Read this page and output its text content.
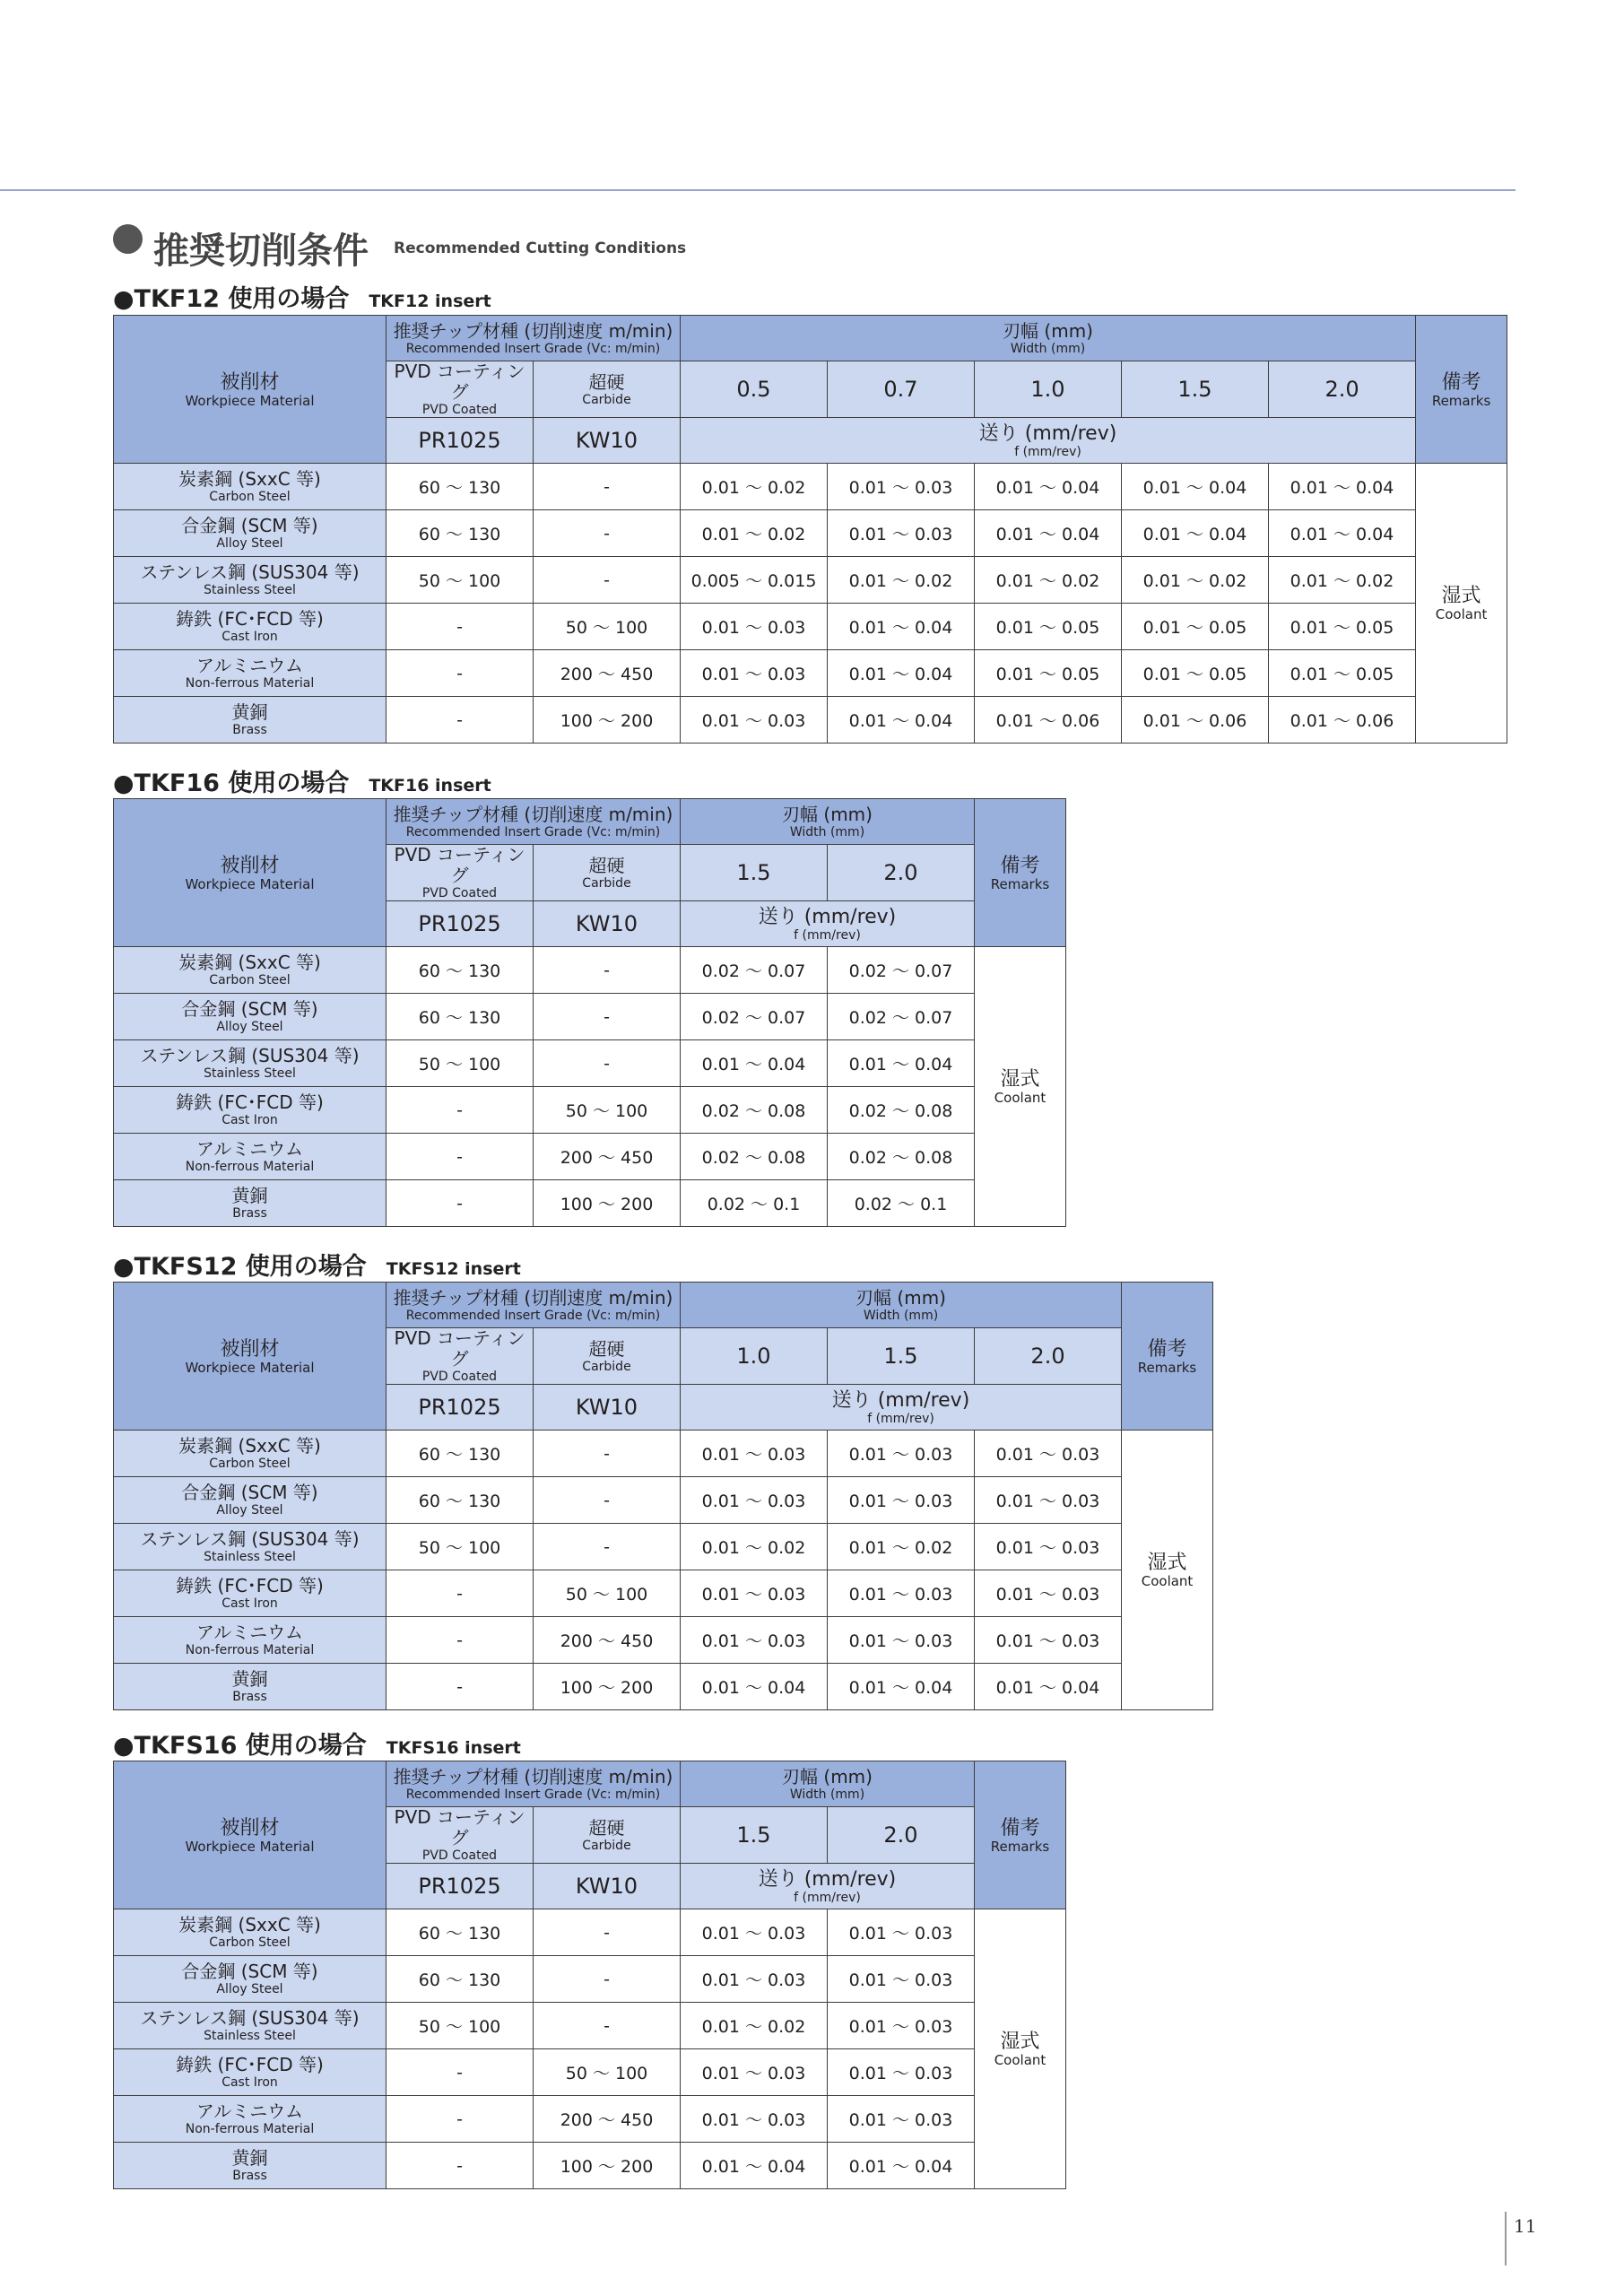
推奨切削条件 Recommended Cutting Conditions
●TKF12 使用の場合 TKF12 insert
被削材
Workpiece Material	推奨チップ材種 (切削速度 m/min)
Recommended Insert Grade (Vc: m/min)		刃幅 (mm)
Width (mm)					備考
Remarks

	PVD コーティング
PVD Coated	超硬
Carbide	0.5	0.7	1.0	1.5	2.0	
	PR1025	KW10	送り (mm/rev)
f (mm/rev)					

炭素鋼 (SxxC 等)
Carbon Steel	60 ～ 130	-	0.01 ～ 0.02	0.01 ～ 0.03	0.01 ～ 0.04	0.01 ～ 0.04	0.01 ～ 0.04	湿式
Coolant

合金鋼 (SCM 等)
Alloy Steel	60 ～ 130	-	0.01 ～ 0.02	0.01 ～ 0.03	0.01 ～ 0.04	0.01 ～ 0.04	0.01 ～ 0.04	

ステンレス鋼 (SUS304 等)
Stainless Steel	50 ～ 100	-	0.005 ～ 0.015	0.01 ～ 0.02	0.01 ～ 0.02	0.01 ～ 0.02	0.01 ～ 0.02	

鋳鉄 (FC･FCD 等)
Cast Iron	-	50 ～ 100	0.01 ～ 0.03	0.01 ～ 0.04	0.01 ～ 0.05	0.01 ～ 0.05	0.01 ～ 0.05	

アルミニウム
Non-ferrous Material	-	200 ～ 450	0.01 ～ 0.03	0.01 ～ 0.04	0.01 ～ 0.05	0.01 ～ 0.05	0.01 ～ 0.05	

黄銅
Brass	-	100 ～ 200	0.01 ～ 0.03	0.01 ～ 0.04	0.01 ～ 0.06	0.01 ～ 0.06	0.01 ～ 0.06	
●TKF16 使用の場合 TKF16 insert
被削材
Workpiece Material	推奨チップ材種 (切削速度 m/min)
Recommended Insert Grade (Vc: m/min)		刃幅 (mm)
Width (mm)		備考
Remarks

	PVD コーティング
PVD Coated	超硬
Carbide	1.5	2.0	
	PR1025	KW10	送り (mm/rev)
f (mm/rev)		

炭素鋼 (SxxC 等)
Carbon Steel	60 ～ 130	-	0.02 ～ 0.07	0.02 ～ 0.07	湿式
Coolant

合金鋼 (SCM 等)
Alloy Steel	60 ～ 130	-	0.02 ～ 0.07	0.02 ～ 0.07	

ステンレス鋼 (SUS304 等)
Stainless Steel	50 ～ 100	-	0.01 ～ 0.04	0.01 ～ 0.04	

鋳鉄 (FC･FCD 等)
Cast Iron	-	50 ～ 100	0.02 ～ 0.08	0.02 ～ 0.08	

アルミニウム
Non-ferrous Material	-	200 ～ 450	0.02 ～ 0.08	0.02 ～ 0.08	

黄銅
Brass	-	100 ～ 200	0.02 ～ 0.1	0.02 ～ 0.1	
●TKFS12 使用の場合 TKFS12 insert
被削材
Workpiece Material	推奨チップ材種 (切削速度 m/min)
Recommended Insert Grade (Vc: m/min)		刃幅 (mm)
Width (mm)			備考
Remarks

	PVD コーティング
PVD Coated	超硬
Carbide	1.0	1.5	2.0	
	PR1025	KW10	送り (mm/rev)
f (mm/rev)			

炭素鋼 (SxxC 等)
Carbon Steel	60 ～ 130	-	0.01 ～ 0.03	0.01 ～ 0.03	0.01 ～ 0.03	湿式
Coolant

合金鋼 (SCM 等)
Alloy Steel	60 ～ 130	-	0.01 ～ 0.03	0.01 ～ 0.03	0.01 ～ 0.03	

ステンレス鋼 (SUS304 等)
Stainless Steel	50 ～ 100	-	0.01 ～ 0.02	0.01 ～ 0.02	0.01 ～ 0.03	

鋳鉄 (FC･FCD 等)
Cast Iron	-	50 ～ 100	0.01 ～ 0.03	0.01 ～ 0.03	0.01 ～ 0.03	

アルミニウム
Non-ferrous Material	-	200 ～ 450	0.01 ～ 0.03	0.01 ～ 0.03	0.01 ～ 0.03	

黄銅
Brass	-	100 ～ 200	0.01 ～ 0.04	0.01 ～ 0.04	0.01 ～ 0.04	
●TKFS16 使用の場合 TKFS16 insert
被削材
Workpiece Material	推奨チップ材種 (切削速度 m/min)
Recommended Insert Grade (Vc: m/min)		刃幅 (mm)
Width (mm)		備考
Remarks

	PVD コーティング
PVD Coated	超硬
Carbide	1.5	2.0	
	PR1025	KW10	送り (mm/rev)
f (mm/rev)		

炭素鋼 (SxxC 等)
Carbon Steel	60 ～ 130	-	0.01 ～ 0.03	0.01 ～ 0.03	湿式
Coolant

合金鋼 (SCM 等)
Alloy Steel	60 ～ 130	-	0.01 ～ 0.03	0.01 ～ 0.03	

ステンレス鋼 (SUS304 等)
Stainless Steel	50 ～ 100	-	0.01 ～ 0.02	0.01 ～ 0.03	

鋳鉄 (FC･FCD 等)
Cast Iron	-	50 ～ 100	0.01 ～ 0.03	0.01 ～ 0.03	

アルミニウム
Non-ferrous Material	-	200 ～ 450	0.01 ～ 0.03	0.01 ～ 0.03	

黄銅
Brass	-	100 ～ 200	0.01 ～ 0.04	0.01 ～ 0.04	
11
